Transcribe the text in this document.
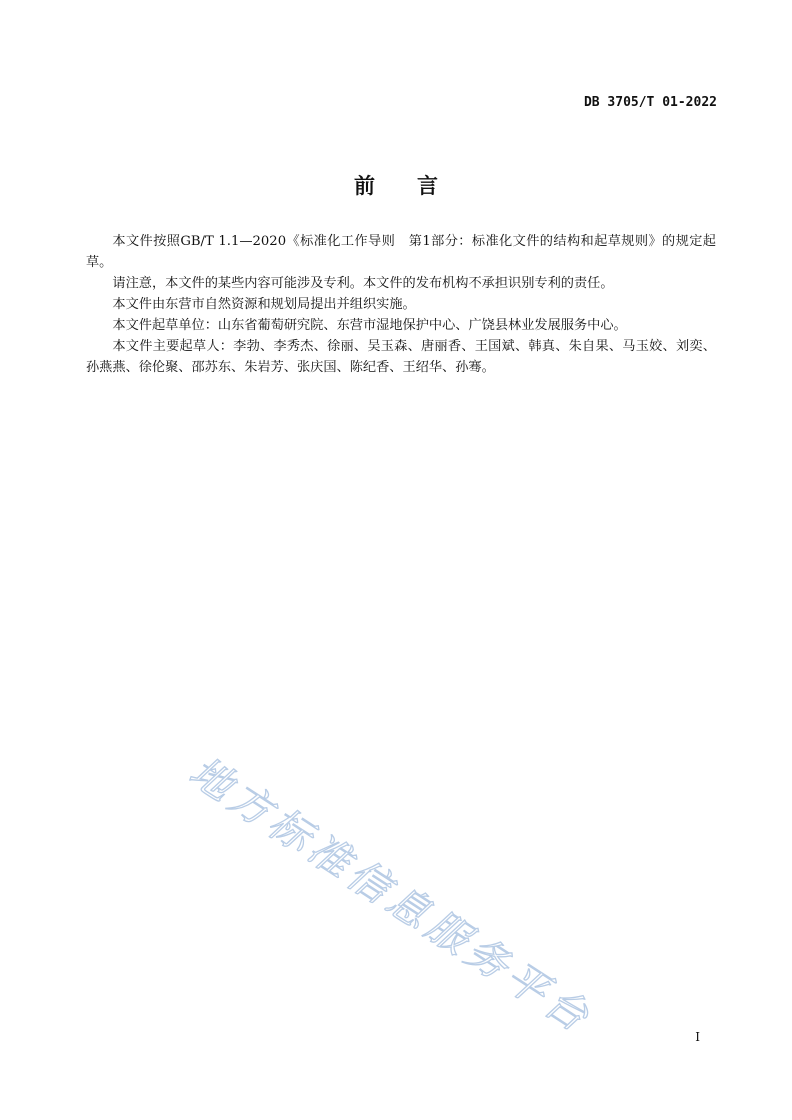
DB 3705/T 01-2022
前言

本文件按照GB/T 1.1—2020《标准化工作导则　第1部分：标准化文件的结构和起草规则》的规定起草。

请注意，本文件的某些内容可能涉及专利。本文件的发布机构不承担识别专利的责任。

本文件由东营市自然资源和规划局提出并组织实施。

本文件起草单位：山东省葡萄研究院、东营市湿地保护中心、广饶县林业发展服务中心。

本文件主要起草人：李勃、李秀杰、徐丽、吴玉森、唐丽香、王国斌、韩真、朱自果、马玉姣、刘奕、孙燕燕、徐伦聚、邵苏东、朱岩芳、张庆国、陈纪香、王绍华、孙骞。

地方标准信息服务平台	I
